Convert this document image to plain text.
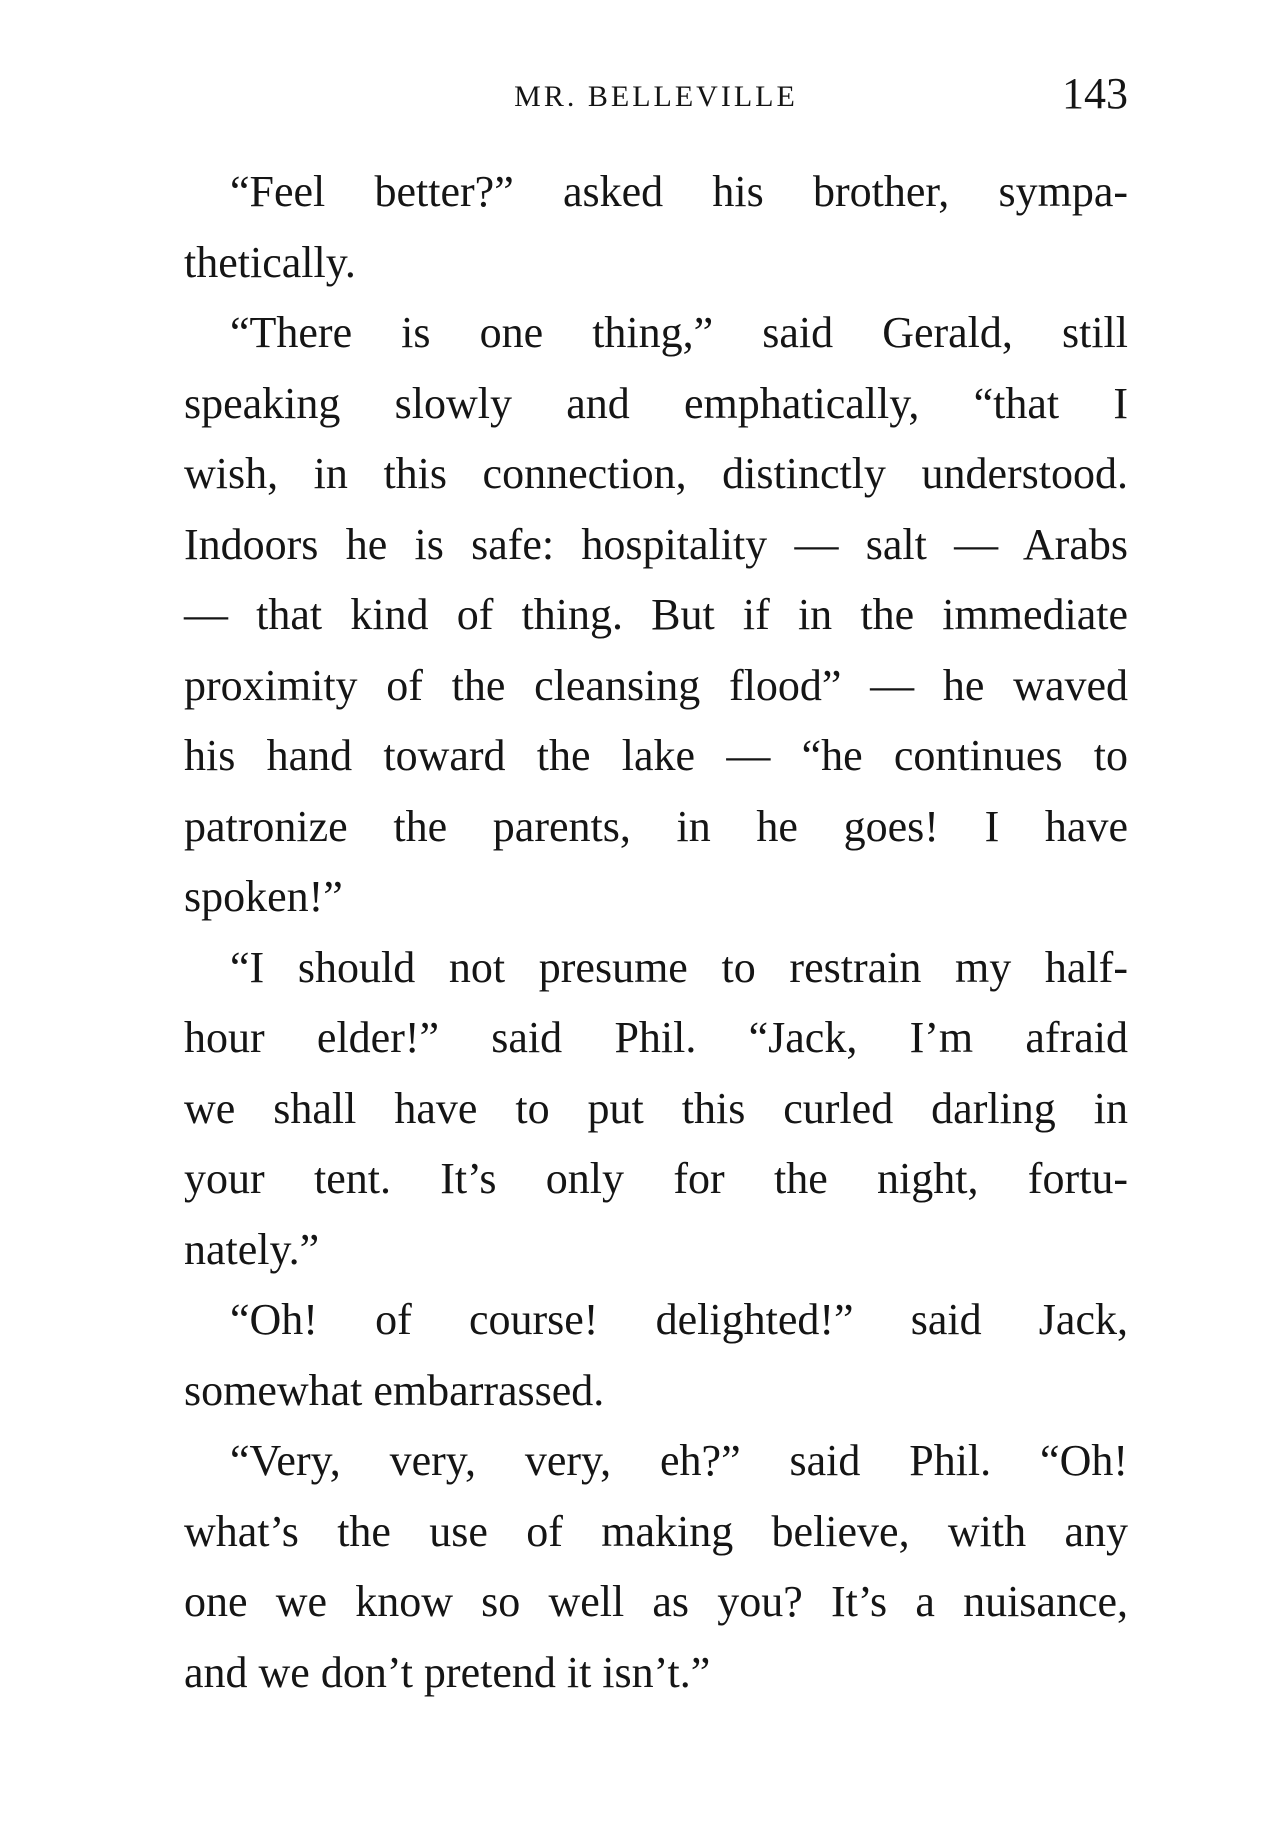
MR. BELLEVILLE	143

“Feel better?” asked his brother, sympa-
thetically.

“There is one thing,” said Gerald, still
speaking slowly and emphatically, “that I
wish, in this connection, distinctly understood.
Indoors he is safe: hospitality — salt — Arabs
— that kind of thing. But if in the immediate
proximity of the cleansing flood” — he waved
his hand toward the lake — “he continues to
patronize the parents, in he goes! I have
spoken!”

“I should not presume to restrain my half-
hour elder!” said Phil. “Jack, I’m afraid
we shall have to put this curled darling in
your tent. It’s only for the night, fortu-
nately.”

“Oh! of course! delighted!” said Jack,
somewhat embarrassed.

“Very, very, very, eh?” said Phil. “Oh!
what’s the use of making believe, with any
one we know so well as you? It’s a nuisance,
and we don’t pretend it isn’t.”
